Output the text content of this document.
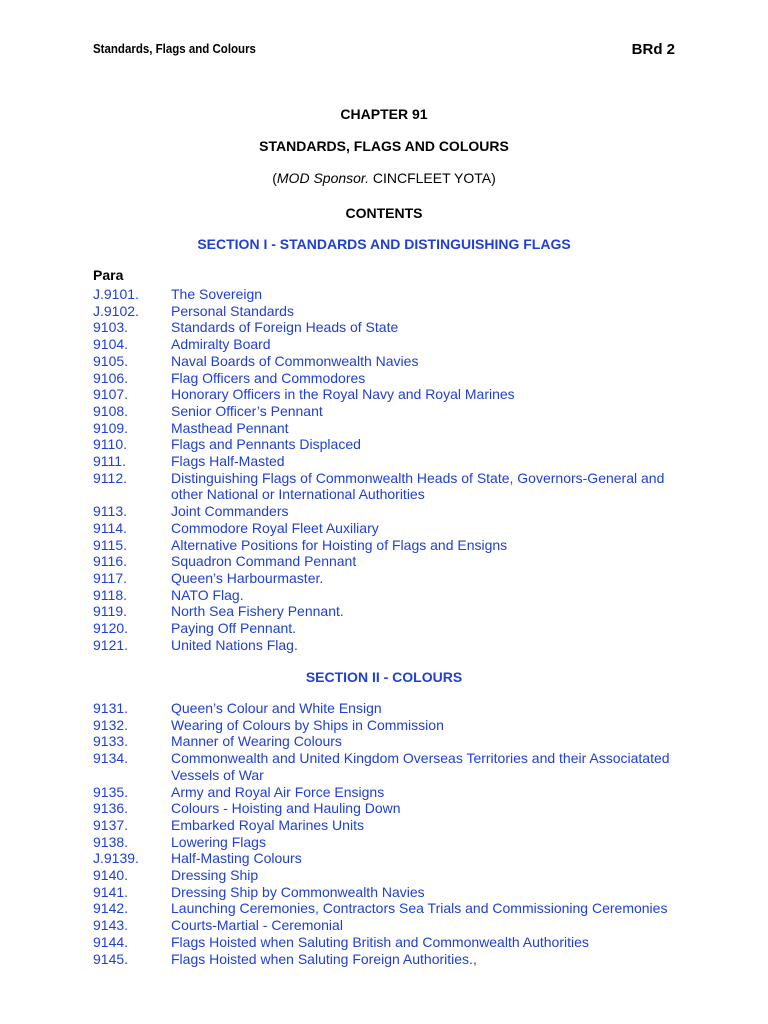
Standards, Flags and Colours	BRd 2
CHAPTER 91
STANDARDS, FLAGS AND COLOURS
(MOD Sponsor. CINCFLEET YOTA)
CONTENTS
SECTION I - STANDARDS AND DISTINGUISHING FLAGS
Para
J.9101.	The Sovereign
J.9102.	Personal Standards
9103.	Standards of Foreign Heads of State
9104.	Admiralty Board
9105.	Naval Boards of Commonwealth Navies
9106.	Flag Officers and Commodores
9107.	Honorary Officers in the Royal Navy and Royal Marines
9108.	Senior Officer’s Pennant
9109.	Masthead Pennant
9110.	Flags and Pennants Displaced
9111.	Flags Half-Masted
9112.	Distinguishing Flags of Commonwealth Heads of State, Governors-General and other National or International Authorities
9113.	Joint Commanders
9114.	Commodore Royal Fleet Auxiliary
9115.	Alternative Positions for Hoisting of Flags and Ensigns
9116.	Squadron Command Pennant
9117.	Queen’s Harbourmaster.
9118.	NATO Flag.
9119.	North Sea Fishery Pennant.
9120.	Paying Off Pennant.
9121.	United Nations Flag.
SECTION II - COLOURS
9131.	Queen’s Colour and White Ensign
9132.	Wearing of Colours by Ships in Commission
9133.	Manner of Wearing Colours
9134.	Commonwealth and United Kingdom Overseas Territories and their Associatated Vessels of War
9135.	Army and Royal Air Force Ensigns
9136.	Colours - Hoisting and Hauling Down
9137.	Embarked Royal Marines Units
9138.	Lowering Flags
J.9139.	Half-Masting Colours
9140.	Dressing Ship
9141.	Dressing Ship by Commonwealth Navies
9142.	Launching Ceremonies, Contractors Sea Trials and Commissioning Ceremonies
9143.	Courts-Martial - Ceremonial
9144.	Flags Hoisted when Saluting British and Commonwealth Authorities
9145.	Flags Hoisted when Saluting Foreign Authorities.,
